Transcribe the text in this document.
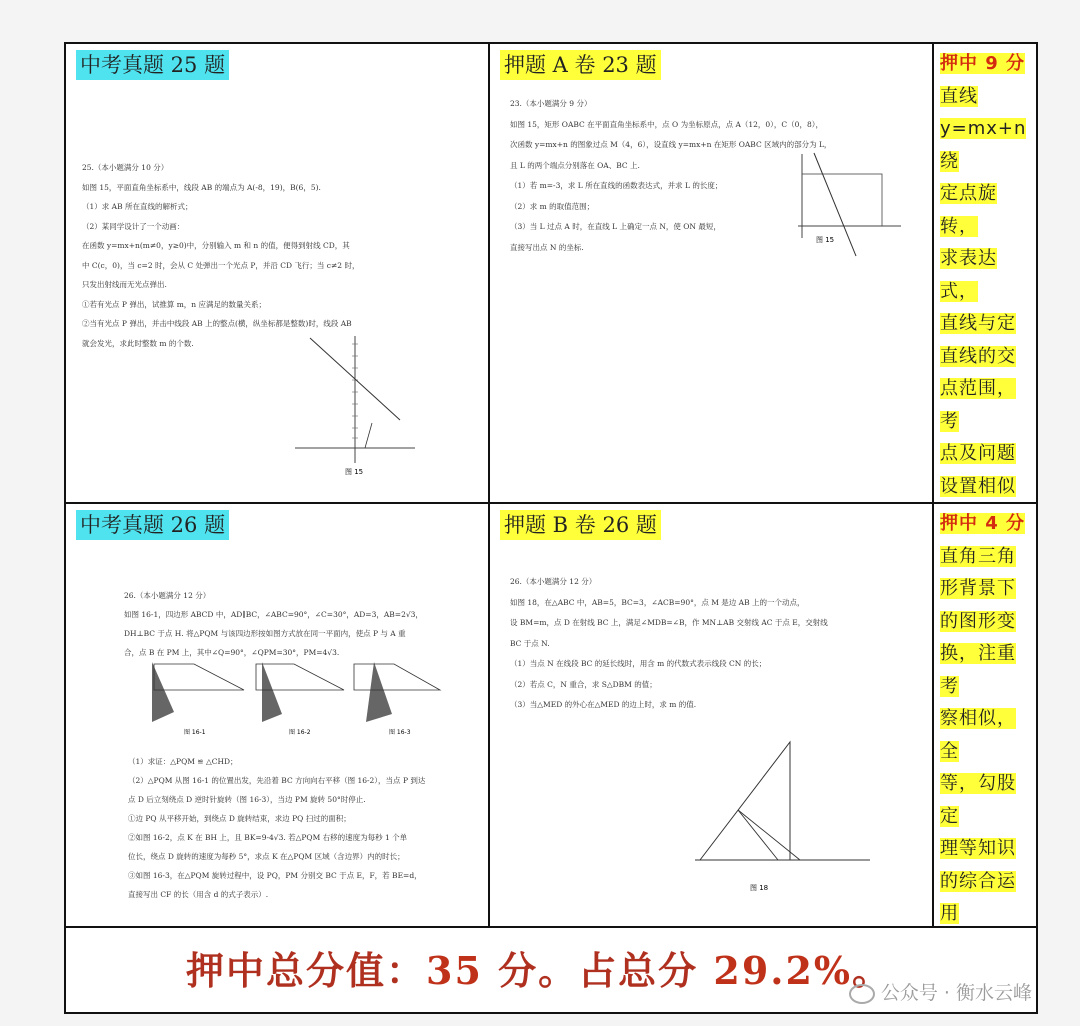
中考真题 25 题
25.（本小题满分 10 分）
如图 15，平面直角坐标系中，线段 AB 的端点为 A(-8，19)，B(6，5).
（1）求 AB 所在直线的解析式；
（2）某同学设计了一个动画：
在函数 y=mx+n(m≠0，y≥0)中，分别输入 m 和 n 的值，便得到射线 CD，其
中 C(c，0)，当 c=2 时，会从 C 处弹出一个光点 P，并沿 CD 飞行；当 c≠2 时，
只发出射线而无光点弹出.
①若有光点 P 弹出，试推算 m，n 应满足的数量关系；
②当有光点 P 弹出，并击中线段 AB 上的整点(横，纵坐标都是整数)时，线段 AB
就会发光，求此时整数 m 的个数.
图 15
押题 A 卷 23 题
23.（本小题满分 9 分）
如图 15，矩形 OABC 在平面直角坐标系中，点 O 为坐标原点，点 A（12，0），C（0，8），
次函数 y=mx+n 的图象过点 M（4，6），设直线 y=mx+n 在矩形 OABC 区域内的部分为 L，
且 L 的两个端点分别落在 OA、BC 上.
（1）若 m=-3，求 L 所在直线的函数表达式，并求 L 的长度；
（2）求 m 的取值范围；
（3）当 L 过点 A 时，在直线 L 上确定一点 N，使 ON 最短，
直接写出点 N 的坐标.
图 15
押中 9 分
直线
y=mx+n 绕
定点旋转，
求表达式，
直线与定
直线的交
点范围，考
点及问题
设置相似
中考真题 26 题
26.（本小题满分 12 分）
如图 16-1，四边形 ABCD 中，AD∥BC，∠ABC=90°，∠C=30°，AD=3，AB=2√3，
DH⊥BC 于点 H. 将△PQM 与该四边形按如图方式放在同一平面内，使点 P 与 A 重
合，点 B 在 PM 上，其中∠Q=90°，∠QPM=30°，PM=4√3.
图 16-1	图 16-2	图 16-3
（1）求证：△PQM ≌ △CHD；
（2）△PQM 从图 16-1 的位置出发，先沿着 BC 方向向右平移（图 16-2），当点 P 到达
点 D 后立刻绕点 D 逆时针旋转（图 16-3），当边 PM 旋转 50°时停止.
①边 PQ 从平移开始，到绕点 D 旋转结束，求边 PQ 扫过的面积；
②如图 16-2，点 K 在 BH 上，且 BK=9-4√3. 若△PQM 右移的速度为每秒 1 个单
位长，绕点 D 旋转的速度为每秒 5°，求点 K 在△PQM 区域（含边界）内的时长；
③如图 16-3，在△PQM 旋转过程中，设 PQ，PM 分别交 BC 于点 E，F，若 BE=d，
直接写出 CF 的长（用含 d 的式子表示）.
押题 B 卷 26 题
26.（本小题满分 12 分）
如图 18，在△ABC 中，AB=5，BC=3，∠ACB=90°，点 M 是边 AB 上的一个动点，
设 BM=m，点 D 在射线 BC 上，满足∠MDB=∠B，作 MN⊥AB 交射线 AC 于点 E，交射线
BC 于点 N.
（1）当点 N 在线段 BC 的延长线时，用含 m 的代数式表示线段 CN 的长；
（2）若点 C，N 重合，求 S△DBM 的值；
（3）当△MED 的外心在△MED 的边上时，求 m 的值.
图 18
押中 4 分
直角三角
形背景下
的图形变
换，注重考
察相似，全
等，勾股定
理等知识
的综合运
用
押中总分值：35 分。占总分 29.2%。
公众号 · 衡水云峰
